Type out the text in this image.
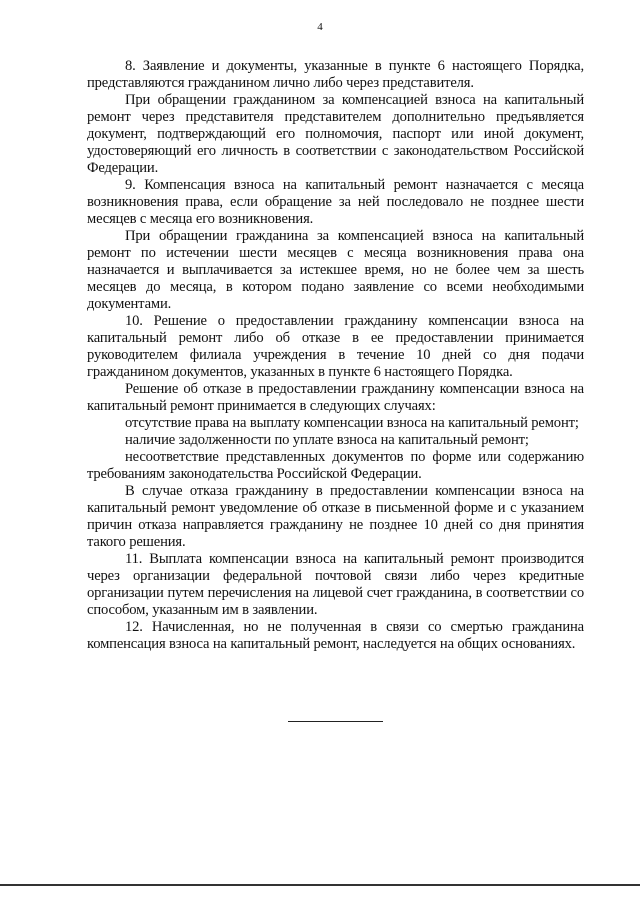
4

8. Заявление и документы, указанные в пункте 6 настоящего Порядка, представляются гражданином лично либо через представителя.

При обращении гражданином за компенсацией взноса на капитальный ремонт через представителя представителем дополнительно предъявляется документ, подтверждающий его полномочия, паспорт или иной документ, удостоверяющий его личность в соответствии с законодательством Российской Федерации.

9. Компенсация взноса на капитальный ремонт назначается с месяца возникновения права, если обращение за ней последовало не позднее шести месяцев с месяца его возникновения.

При обращении гражданина за компенсацией взноса на капитальный ремонт по истечении шести месяцев с месяца возникновения права она назначается и выплачивается за истекшее время, но не более чем за шесть месяцев до месяца, в котором подано заявление со всеми необходимыми документами.

10. Решение о предоставлении гражданину компенсации взноса на капитальный ремонт либо об отказе в ее предоставлении принимается руководителем филиала учреждения в течение 10 дней со дня подачи гражданином документов, указанных в пункте 6 настоящего Порядка.

Решение об отказе в предоставлении гражданину компенсации взноса на капитальный ремонт принимается в следующих случаях:

отсутствие права на выплату компенсации взноса на капитальный ремонт;

наличие задолженности по уплате взноса на капитальный ремонт;

несоответствие представленных документов по форме или содержанию требованиям законодательства Российской Федерации.

В случае отказа гражданину в предоставлении компенсации взноса на капитальный ремонт уведомление об отказе в письменной форме и с указанием причин отказа направляется гражданину не позднее 10 дней со дня принятия такого решения.

11. Выплата компенсации взноса на капитальный ремонт производится через организации федеральной почтовой связи либо через кредитные организации путем перечисления на лицевой счет гражданина, в соответствии со способом, указанным им в заявлении.

12. Начисленная, но не полученная в связи со смертью гражданина компенсация взноса на капитальный ремонт, наследуется на общих основаниях.
